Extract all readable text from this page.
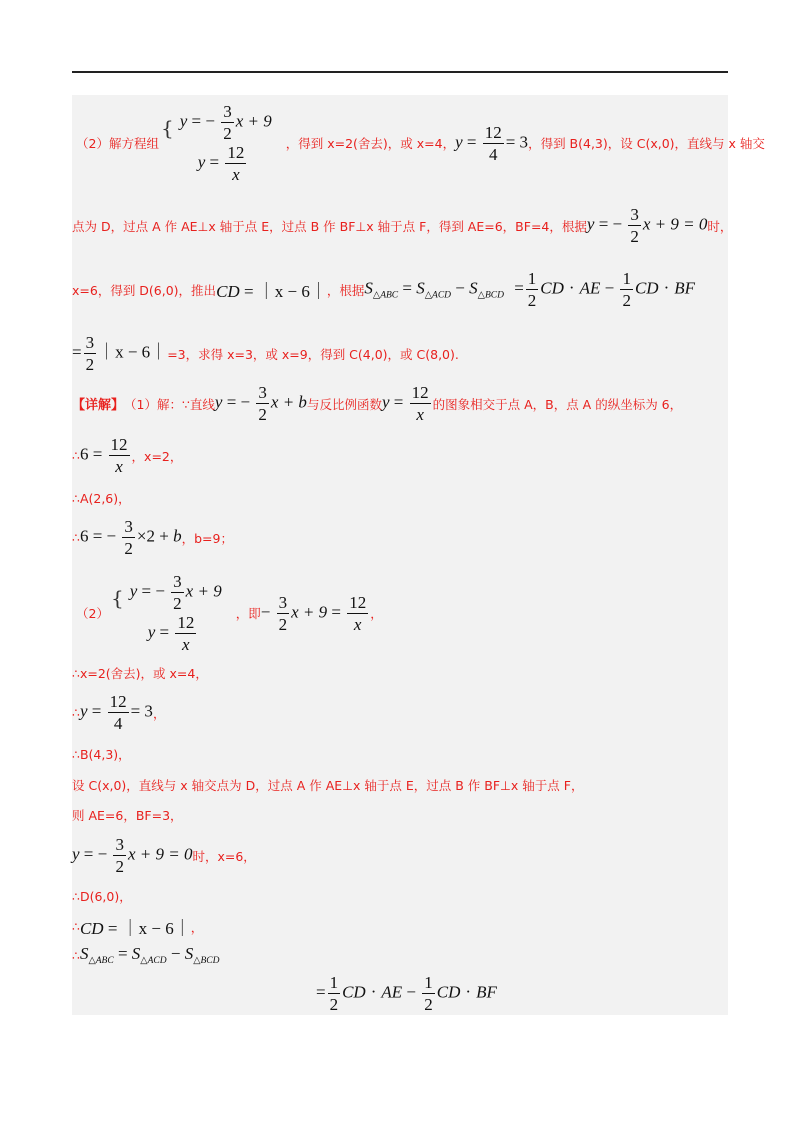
（2）解方程组
{ y = − $\frac{3}{2}$ x + 9
$y = \frac{12}{x}$
，得到 x=2(舍去)，或 x=4， $y = \frac{12}{4} = 3$ ，得到 B(4,3)，设 C(x,0)，直线与 x 轴交
点为 D，过点 A 作 AE⊥x 轴于点 E，过点 B 作 BF⊥x 轴于点 F，得到 AE=6，BF=4，根据 y = − $\frac{3}{2}$ x + 9 = 0 时，
x=6，得到 D(6,0)，推出 CD = ｜x − 6｜ ，根据 $S_{\triangle ABC} = S_{\triangle ACD} - S_{\triangle BCD} = \frac{1}{2}$ CD · AE − $\frac{1}{2}$ CD · BF
= $\frac{3}{2}$ ｜x − 6｜ =3，求得 x=3，或 x=9，得到 C(4,0)，或 C(8,0).
【详解】 （1）解：∵直线 y = − $\frac{3}{2}$ x + b 与反比例函数 $y = \frac{12}{x}$ 的图象相交于点 A，B，点 A 的纵坐标为 6，
∴ $6 = \frac{12}{x}$ ，x=2，
∴A(2,6)，
∴ 6 = − $\frac{3}{2} \times 2 + b$ ，b=9；
（2）
{ y = − $\frac{3}{2}$ x + 9
$y = \frac{12}{x}$
，即 − $\frac{3}{2}$ $x + 9 = \frac{12}{x}$ ，
∴x=2(舍去)，或 x=4，
∴ $y = \frac{12}{4} = 3$ ，
∴B(4,3)，
设 C(x,0)，直线与 x 轴交点为 D，过点 A 作 AE⊥x 轴于点 E，过点 B 作 BF⊥x 轴于点 F，
则 AE=6，BF=3，
y = − $\frac{3}{2}$ x + 9 = 0 时，x=6，
∴D(6,0)，
∴ CD = ｜x − 6｜ ，
∴ $S_{\triangle ABC} = S_{\triangle ACD} - S_{\triangle BCD}$
= $\frac{1}{2}$ CD · AE − $\frac{1}{2}$ CD · BF
